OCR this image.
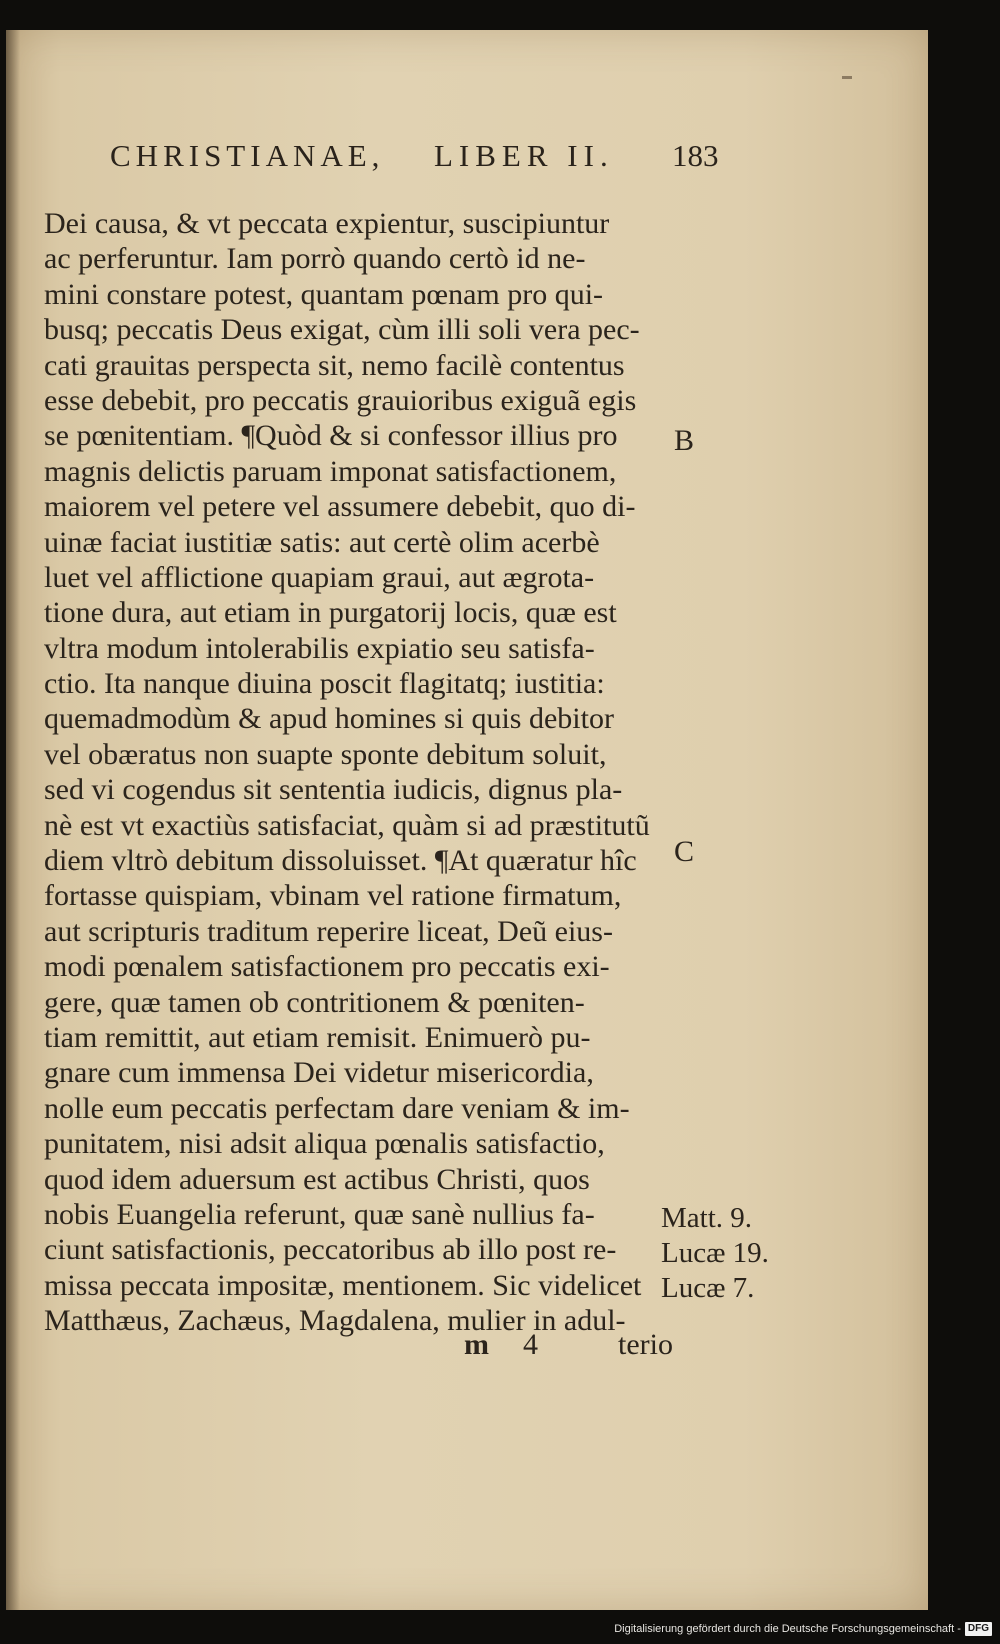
CHRISTIANAE, LIBER II. 183
Dei causa, & vt peccata expientur, suscipiuntur
ac perferuntur. Iam porrò quando certò id ne-
mini constare potest, quantam pœnam pro qui-
busq; peccatis Deus exigat, cùm illi soli vera pec-
cati grauitas perspecta sit, nemo facilè contentus
esse debebit, pro peccatis grauioribus exiguã egis
se pœnitentiam. ¶Quòd & si confessor illius pro
magnis delictis paruam imponat satisfactionem,
maiorem vel petere vel assumere debebit, quo di-
uinæ faciat iustitiæ satis: aut certè olim acerbè
luet vel afflictione quapiam graui, aut ægrota-
tione dura, aut etiam in purgatorij locis, quæ est
vltra modum intolerabilis expiatio seu satisfa-
ctio. Ita nanque diuina poscit flagitatq; iustitia:
quemadmodùm & apud homines si quis debitor
vel obæratus non suapte sponte debitum soluit,
sed vi cogendus sit sententia iudicis, dignus pla-
nè est vt exactiùs satisfaciat, quàm si ad præstitutũ
diem vltrò debitum dissoluisset. ¶At quæratur hîc
fortasse quispiam, vbinam vel ratione firmatum,
aut scripturis traditum reperire liceat, Deũ eius-
modi pœnalem satisfactionem pro peccatis exi-
gere, quæ tamen ob contritionem & pœniten-
tiam remittit, aut etiam remisit. Enimuerò pu-
gnare cum immensa Dei videtur misericordia,
nolle eum peccatis perfectam dare veniam & im-
punitatem, nisi adsit aliqua pœnalis satisfactio,
quod idem aduersum est actibus Christi, quos
nobis Euangelia referunt, quæ sanè nullius fa-
ciunt satisfactionis, peccatoribus ab illo post re-
missa peccata impositæ, mentionem. Sic videlicet
Matthæus, Zachæus, Magdalena, mulier in adul-
B
C
Matt. 9.
Lucæ 19.
Lucæ 7.
m 4	terio
Digitalisierung gefördert durch die Deutsche Forschungsgemeinschaft - DFG
